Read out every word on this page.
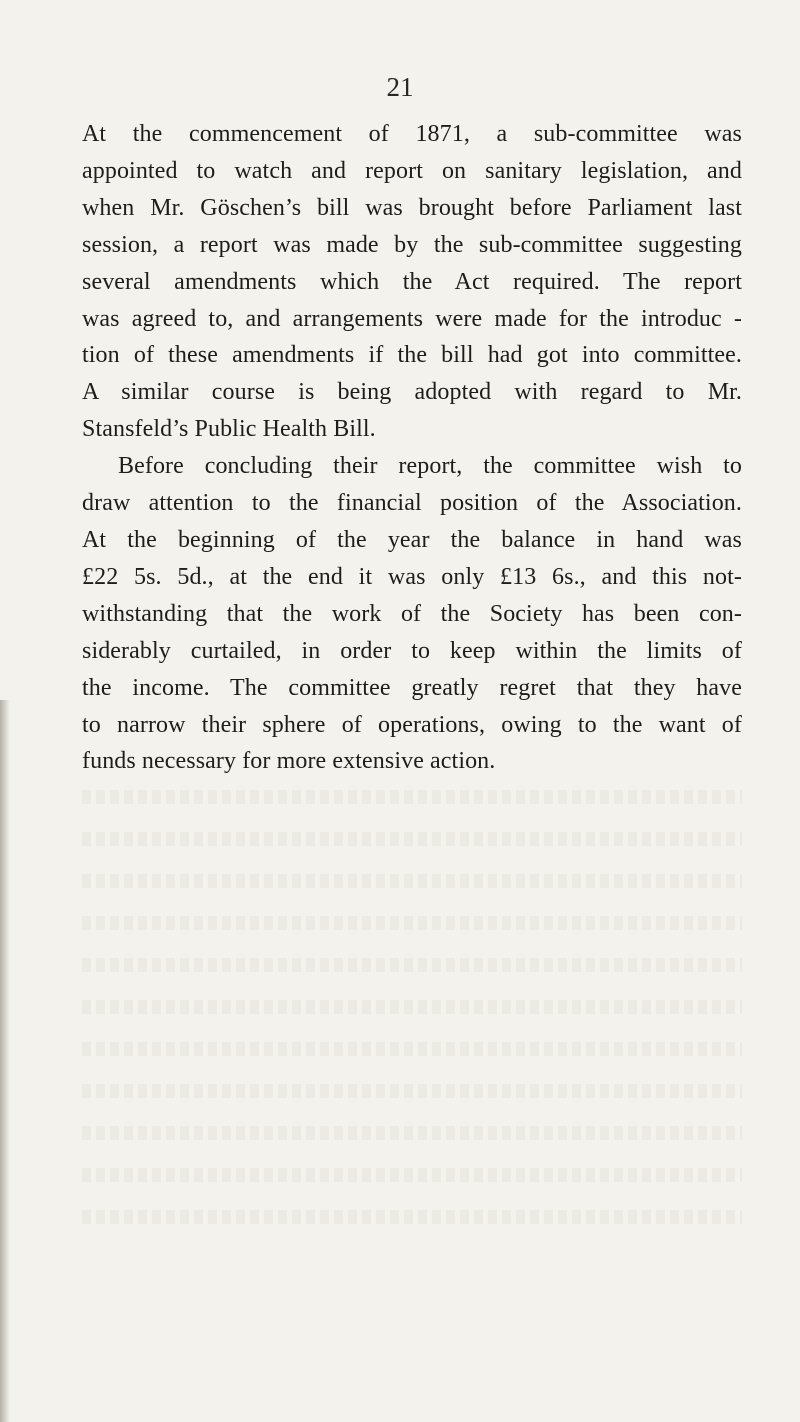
21

At the commencement of 1871, a sub-committee was
appointed to watch and report on sanitary legislation, and
when Mr. Göschen’s bill was brought before Parliament last
session, a report was made by the sub-committee suggesting
several amendments which the Act required. The report
was agreed to, and arrangements were made for the introduc -
tion of these amendments if the bill had got into committee.
A similar course is being adopted with regard to Mr.
Stansfeld’s Public Health Bill.

Before concluding their report, the committee wish to
draw attention to the financial position of the Association.
At the beginning of the year the balance in hand was
£22 5s. 5d., at the end it was only £13 6s., and this not-
withstanding that the work of the Society has been con-
siderably curtailed, in order to keep within the limits of
the income. The committee greatly regret that they have
to narrow their sphere of operations, owing to the want of
funds necessary for more extensive action.
